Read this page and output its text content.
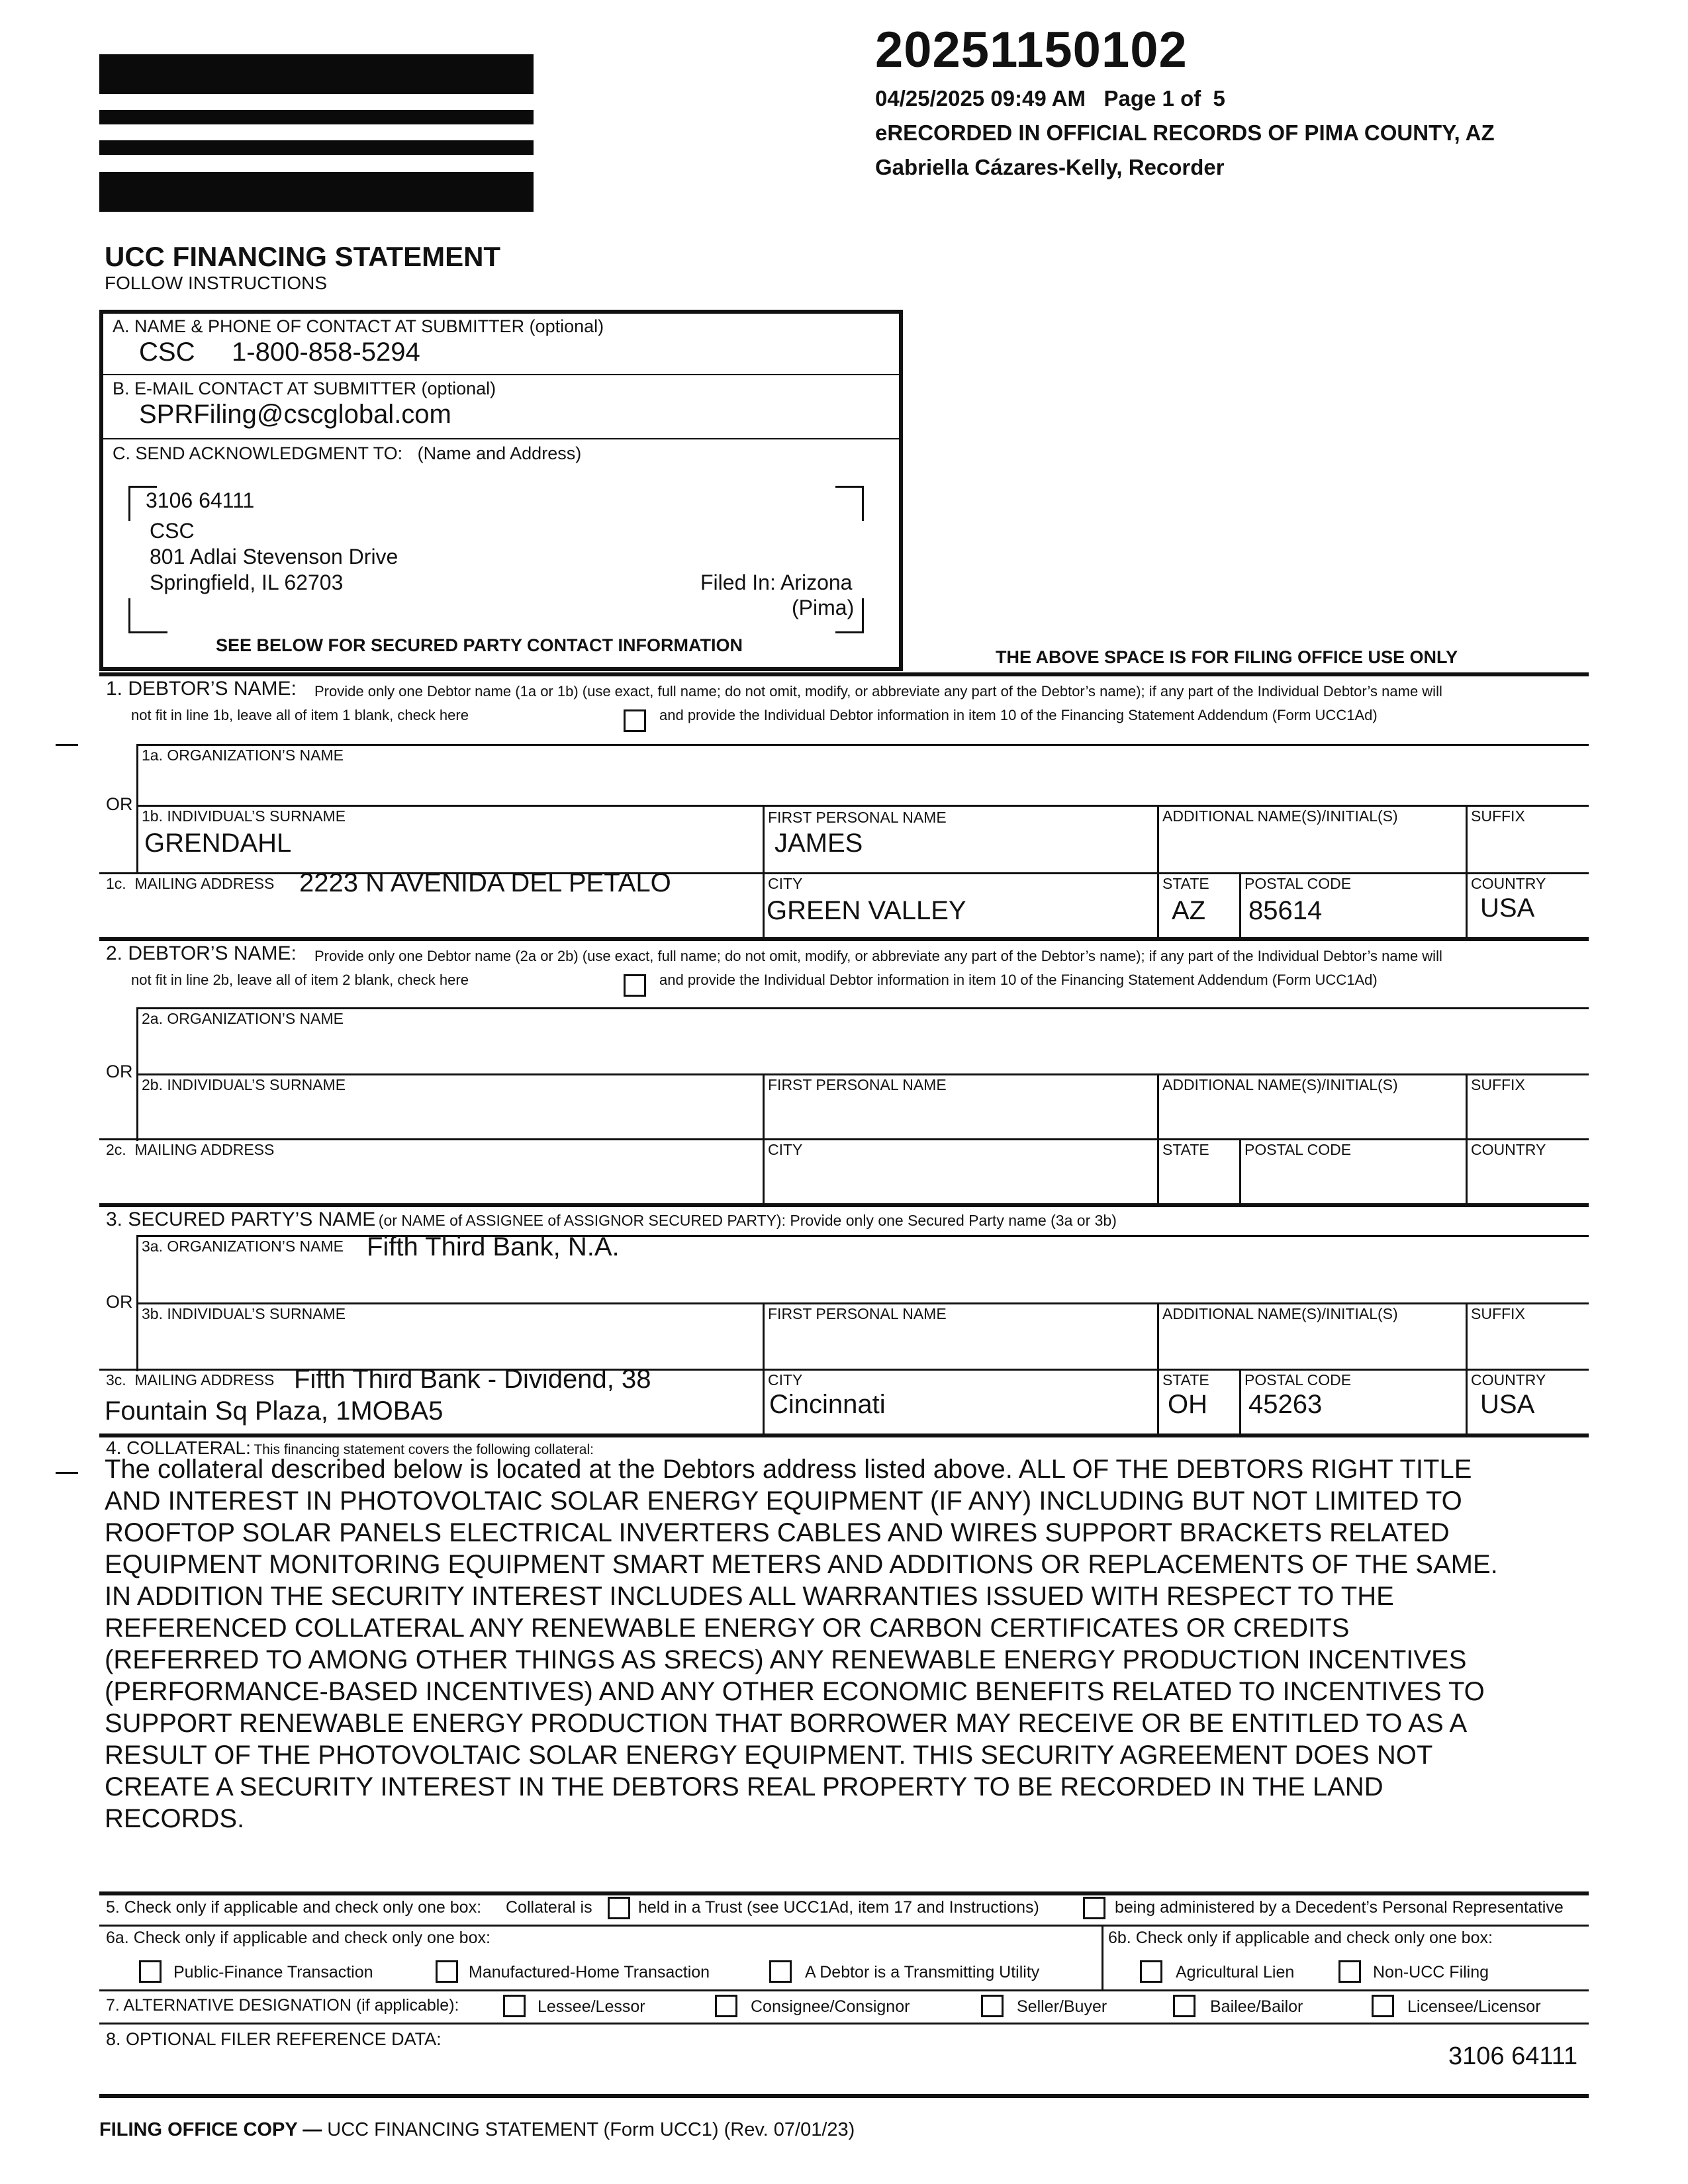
20251150102
04/25/2025 09:49 AM   Page 1 of  5
eRECORDED IN OFFICIAL RECORDS OF PIMA COUNTY, AZ
Gabriella Cázares-Kelly, Recorder
UCC FINANCING STATEMENT
FOLLOW INSTRUCTIONS
A. NAME & PHONE OF CONTACT AT SUBMITTER (optional)
CSC     1-800-858-5294
B. E-MAIL CONTACT AT SUBMITTER (optional)
SPRFiling@cscglobal.com
C. SEND ACKNOWLEDGMENT TO:   (Name and Address)
3106 64111
CSC
801 Adlai Stevenson Drive
Springfield, IL 62703	Filed In: Arizona
(Pima)
SEE BELOW FOR SECURED PARTY CONTACT INFORMATION
THE ABOVE SPACE IS FOR FILING OFFICE USE ONLY
1. DEBTOR’S NAME: Provide only one Debtor name (1a or 1b) (use exact, full name; do not omit, modify, or abbreviate any part of the Debtor’s name); if any part of the Individual Debtor’s name will
not fit in line 1b, leave all of item 1 blank, check here	and provide the Individual Debtor information in item 10 of the Financing Statement Addendum (Form UCC1Ad)
1a. ORGANIZATION’S NAME
OR
1b. INDIVIDUAL’S SURNAME
GRENDAHL
FIRST PERSONAL NAME
JAMES
ADDITIONAL NAME(S)/INITIAL(S)	SUFFIX
1c.  MAILING ADDRESS 2223 N AVENIDA DEL PETALO	CITY
GREEN VALLEY
STATE
AZ
POSTAL CODE
85614
COUNTRY
USA
2. DEBTOR’S NAME: Provide only one Debtor name (2a or 2b) (use exact, full name; do not omit, modify, or abbreviate any part of the Debtor’s name); if any part of the Individual Debtor’s name will
not fit in line 2b, leave all of item 2 blank, check here	and provide the Individual Debtor information in item 10 of the Financing Statement Addendum (Form UCC1Ad)
2a. ORGANIZATION’S NAME
OR
2b. INDIVIDUAL’S SURNAME	FIRST PERSONAL NAME	ADDITIONAL NAME(S)/INITIAL(S)	SUFFIX
2c.  MAILING ADDRESS	CITY	STATE POSTAL CODE	COUNTRY
3. SECURED PARTY’S NAME (or NAME of ASSIGNEE of ASSIGNOR SECURED PARTY): Provide only one Secured Party name (3a or 3b)
3a. ORGANIZATION’S NAME Fifth Third Bank, N.A.
OR
3b. INDIVIDUAL’S SURNAME	FIRST PERSONAL NAME	ADDITIONAL NAME(S)/INITIAL(S)	SUFFIX
3c.  MAILING ADDRESS Fifth Third Bank - Dividend, 38
Fountain Sq Plaza, 1MOBA5
CITY
Cincinnati
STATE
OH
POSTAL CODE
45263
COUNTRY
USA
4. COLLATERAL: This financing statement covers the following collateral:
The collateral described below is located at the Debtors address listed above. ALL OF THE DEBTORS RIGHT TITLE
AND INTEREST IN PHOTOVOLTAIC SOLAR ENERGY EQUIPMENT (IF ANY) INCLUDING BUT NOT LIMITED TO
ROOFTOP SOLAR PANELS ELECTRICAL INVERTERS CABLES AND WIRES SUPPORT BRACKETS RELATED
EQUIPMENT MONITORING EQUIPMENT SMART METERS AND ADDITIONS OR REPLACEMENTS OF THE SAME.
IN ADDITION THE SECURITY INTEREST INCLUDES ALL WARRANTIES ISSUED WITH RESPECT TO THE
REFERENCED COLLATERAL ANY RENEWABLE ENERGY OR CARBON CERTIFICATES OR CREDITS
(REFERRED TO AMONG OTHER THINGS AS SRECS) ANY RENEWABLE ENERGY PRODUCTION INCENTIVES
(PERFORMANCE-BASED INCENTIVES) AND ANY OTHER ECONOMIC BENEFITS RELATED TO INCENTIVES TO
SUPPORT RENEWABLE ENERGY PRODUCTION THAT BORROWER MAY RECEIVE OR BE ENTITLED TO AS A
RESULT OF THE PHOTOVOLTAIC SOLAR ENERGY EQUIPMENT. THIS SECURITY AGREEMENT DOES NOT
CREATE A SECURITY INTEREST IN THE DEBTORS REAL PROPERTY TO BE RECORDED IN THE LAND
RECORDS.
5. Check only if applicable and check only one box: Collateral is	held in a Trust (see UCC1Ad, item 17 and Instructions)	being administered by a Decedent’s Personal Representative
6a. Check only if applicable and check only one box:
Public-Finance Transaction	Manufactured-Home Transaction	A Debtor is a Transmitting Utility
6b. Check only if applicable and check only one box:
Agricultural Lien	Non-UCC Filing
7. ALTERNATIVE DESIGNATION (if applicable):	Lessee/Lessor	Consignee/Consignor	Seller/Buyer	Bailee/Bailor	Licensee/Licensor
8. OPTIONAL FILER REFERENCE DATA:
3106 64111
FILING OFFICE COPY — UCC FINANCING STATEMENT (Form UCC1) (Rev. 07/01/23)
